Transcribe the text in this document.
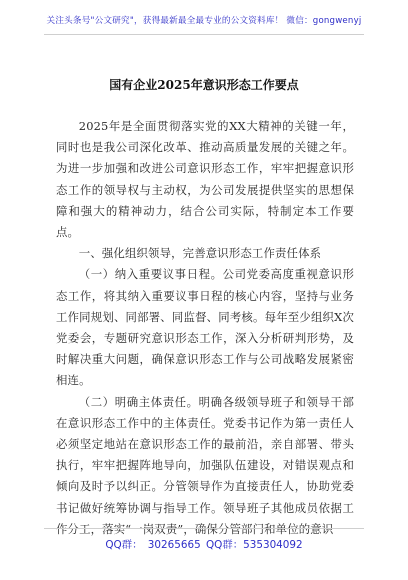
关注头条号"公文研究"，获得最新最全最专业的公文资料库！ 微信：gongwenyj
国有企业2025年意识形态工作要点

2025年是全面贯彻落实党的XX大精神的关键一年，同时也是我公司深化改革、推动高质量发展的关键之年。为进一步加强和改进公司意识形态工作，牢牢把握意识形态工作的领导权与主动权，为公司发展提供坚实的思想保障和强大的精神动力，结合公司实际，特制定本工作要点。

一、强化组织领导，完善意识形态工作责任体系

（一）纳入重要议事日程。公司党委高度重视意识形态工作，将其纳入重要议事日程的核心内容，坚持与业务工作同规划、同部署、同监督、同考核。每年至少组织X次党委会，专题研究意识形态工作，深入分析研判形势，及时解决重大问题，确保意识形态工作与公司战略发展紧密相连。

（二）明确主体责任。明确各级领导班子和领导干部在意识形态工作中的主体责任。党委书记作为第一责任人必须坚定地站在意识形态工作的最前沿，亲自部署、带头执行，牢牢把握阵地导向，加强队伍建设，对错误观点和倾向及时予以纠正。分管领导作为直接责任人，协助党委书记做好统筹协调与指导工作。领导班子其他成员依据工作分工，落实“一岗双责”，确保分管部门和单位的意识

QQ群： 30265665 QQ群：535304092
